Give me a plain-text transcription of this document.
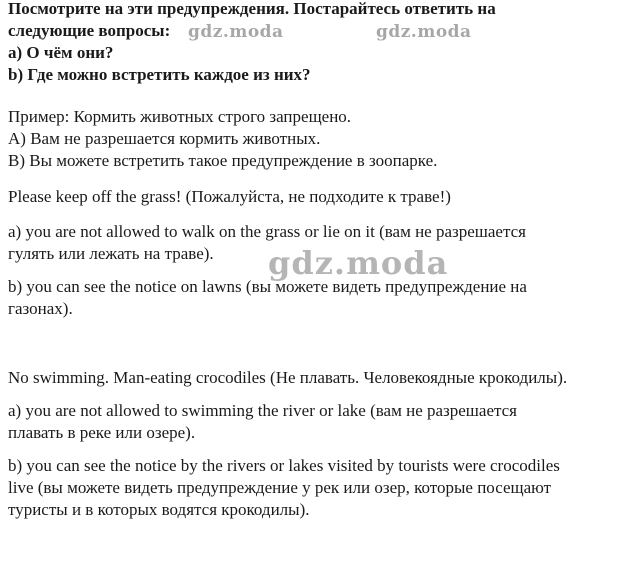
Посмотрите на эти предупреждения. Постарайтесь ответить на

следующие вопросы:

a) О чём они?

b) Где можно встретить каждое из них?

Пример: Кормить животных строго запрещено.

А) Вам не разрешается кормить животных.

В) Вы можете встретить такое предупреждение в зоопарке.

Please keep off the grass! (Пожалуйста, не подходите к траве!)

a) you are not allowed to walk on the grass or lie on it (вам не разрешается

гулять или лежать на траве).

b) you can see the notice on lawns (вы можете видеть предупреждение на

газонах).

No swimming. Man-eating crocodiles (Не плавать. Человекоядные крокодилы).

a) you are not allowed to swimming the river or lake (вам не разрешается

плавать в реке или озере).

b) you can see the notice by the rivers or lakes visited by tourists were crocodiles

live (вы можете видеть предупреждение у рек или озер, которые посещают

туристы и в которых водятся крокодилы).

gdz.moda	gdz.moda
gdz.moda
